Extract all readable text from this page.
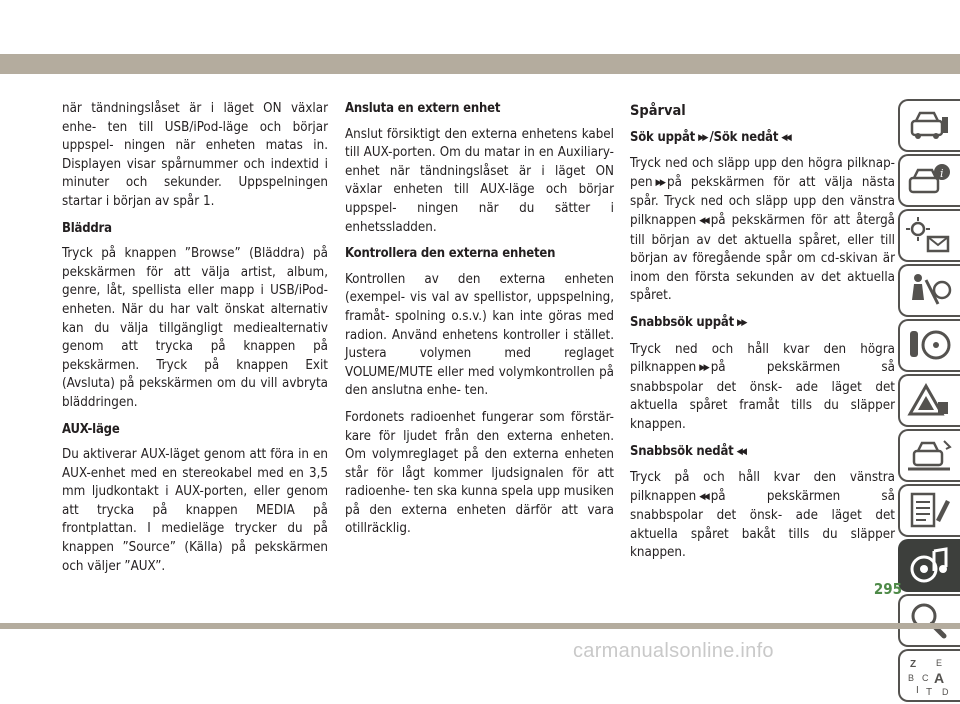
när tändningslåset är i läget ON växlar enhe- ten till USB/iPod-läge och börjar uppspel- ningen när enheten matas in. Displayen visar spårnummer och indextid i minuter och sekunder. Uppspelningen startar i början av spår 1.

Bläddra

Tryck på knappen ”Browse” (Bläddra) på pekskärmen för att välja artist, album, genre, låt, spellista eller mapp i USB/iPod-enheten. När du har valt önskat alternativ kan du välja tillgängligt mediealternativ genom att trycka på knappen på pekskärmen. Tryck på knappen Exit (Avsluta) på pekskärmen om du vill avbryta bläddringen.

AUX-läge

Du aktiverar AUX-läget genom att föra in en AUX-enhet med en stereokabel med en 3,5 mm ljudkontakt i AUX-porten, eller genom att trycka på knappen MEDIA på frontplattan. I medieläge trycker du på knappen ”Source” (Källa) på pekskärmen och väljer ”AUX”.

Ansluta en extern enhet

Anslut försiktigt den externa enhetens kabel till AUX-porten. Om du matar in en Auxiliary-enhet när tändningslåset är i läget ON växlar enheten till AUX-läge och börjar uppspel- ningen när du sätter i enhetssladden.

Kontrollera den externa enheten

Kontrollen av den externa enheten (exempel- vis val av spellistor, uppspelning, framåt- spolning o.s.v.) kan inte göras med radion. Använd enhetens kontroller i stället. Justera volymen med reglaget VOLUME/MUTE eller med volymkontrollen på den anslutna enhe- ten.

Fordonets radioenhet fungerar som förstär- kare för ljudet från den externa enheten. Om volymreglaget på den externa enheten står för lågt kommer ljudsignalen för att radioenhe- ten ska kunna spela upp musiken på den externa enheten därför att vara otillräcklig.

Spårval
Sök uppåt ▶▶ /Sök nedåt ◀◀

Tryck ned och släpp upp den högra pilknap- pen ▶▶ på pekskärmen för att välja nästa spår. Tryck ned och släpp upp den vänstra pilknappen ◀◀ på pekskärmen för att återgå till början av det aktuella spåret, eller till början av föregående spår om cd-skivan är inom den första sekunden av det aktuella spåret.

Snabbsök uppåt ▶▶

Tryck ned och håll kvar den högra pilknappen ▶▶ på pekskärmen så snabbspolar det önsk- ade läget det aktuella spåret framåt tills du släpper knappen.

Snabbsök nedåt ◀◀

Tryck på och håll kvar den vänstra pilknappen ◀◀ på pekskärmen så snabbspolar det önsk- ade läget det aktuella spåret bakåt tills du släpper knappen.

i
Z E
B C A
I T D
295
carmanualsonline.info
